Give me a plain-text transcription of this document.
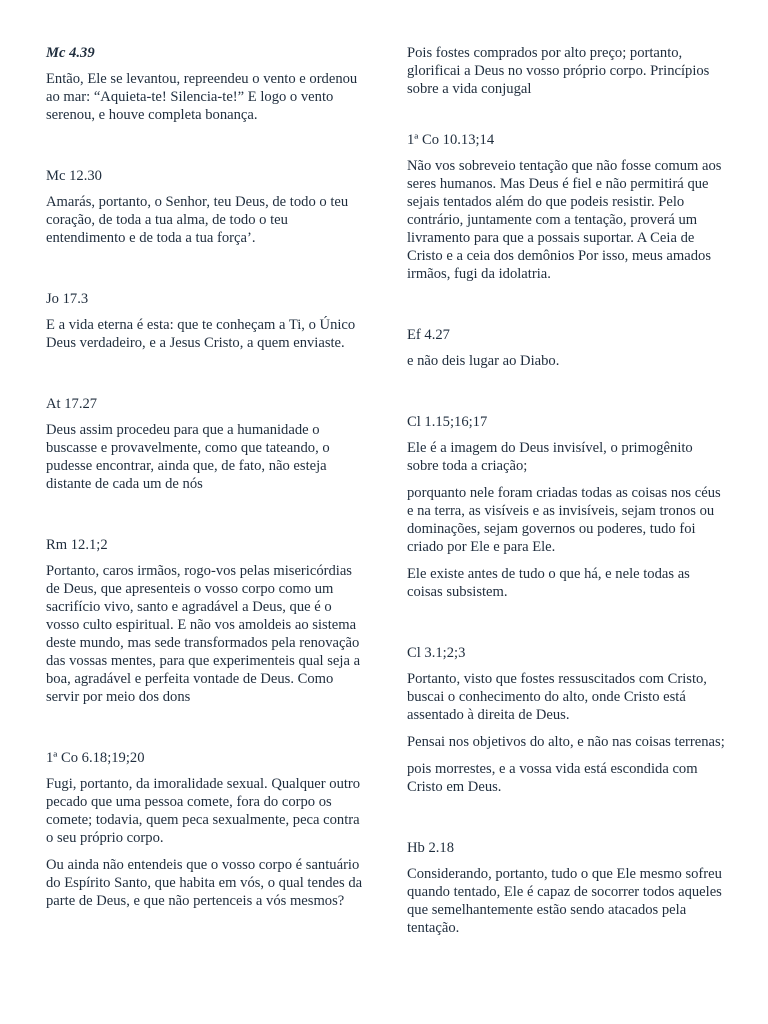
Mc 4.39

Então, Ele se levantou, repreendeu o vento e ordenou ao mar: “Aquieta-te! Silencia-te!” E logo o vento serenou, e houve completa bonança.

Mc 12.30

Amarás, portanto, o Senhor, teu Deus, de todo o teu coração, de toda a tua alma, de todo o teu entendimento e de toda a tua força’.

Jo 17.3

E a vida eterna é esta: que te conheçam a Ti, o Único Deus verdadeiro, e a Jesus Cristo, a quem enviaste.

At 17.27

Deus assim procedeu para que a humanidade o buscasse e provavelmente, como que tateando, o pudesse encontrar, ainda que, de fato, não esteja distante de cada um de nós

Rm 12.1;2

Portanto, caros irmãos, rogo-vos pelas misericórdias de Deus, que apresenteis o vosso corpo como um sacrifício vivo, santo e agradável a Deus, que é o vosso culto espiritual. E não vos amoldeis ao sistema deste mundo, mas sede transformados pela renovação das vossas mentes, para que experimenteis qual seja a boa, agradável e perfeita vontade de Deus. Como servir por meio dos dons

1ª Co 6.18;19;20

Fugi, portanto, da imoralidade sexual. Qualquer outro pecado que uma pessoa comete, fora do corpo os comete; todavia, quem peca sexualmente, peca contra o seu próprio corpo.

Ou ainda não entendeis que o vosso corpo é santuário do Espírito Santo, que habita em vós, o qual tendes da parte de Deus, e que não pertenceis a vós mesmos?

Pois fostes comprados por alto preço; portanto, glorificai a Deus no vosso próprio corpo. Princípios sobre a vida conjugal

1ª Co 10.13;14

Não vos sobreveio tentação que não fosse comum aos seres humanos. Mas Deus é fiel e não permitirá que sejais tentados além do que podeis resistir. Pelo contrário, juntamente com a tentação, proverá um livramento para que a possais suportar. A Ceia de Cristo e a ceia dos demônios Por isso, meus amados irmãos, fugi da idolatria.

Ef 4.27

e não deis lugar ao Diabo.

Cl 1.15;16;17

Ele é a imagem do Deus invisível, o primogênito sobre toda a criação;

porquanto nele foram criadas todas as coisas nos céus e na terra, as visíveis e as invisíveis, sejam tronos ou dominações, sejam governos ou poderes, tudo foi criado por Ele e para Ele.

Ele existe antes de tudo o que há, e nele todas as coisas subsistem.

Cl 3.1;2;3

Portanto, visto que fostes ressuscitados com Cristo, buscai o conhecimento do alto, onde Cristo está assentado à direita de Deus.

Pensai nos objetivos do alto, e não nas coisas terrenas;

pois morrestes, e a vossa vida está escondida com Cristo em Deus.

Hb 2.18

Considerando, portanto, tudo o que Ele mesmo sofreu quando tentado, Ele é capaz de socorrer todos aqueles que semelhantemente estão sendo atacados pela tentação.
